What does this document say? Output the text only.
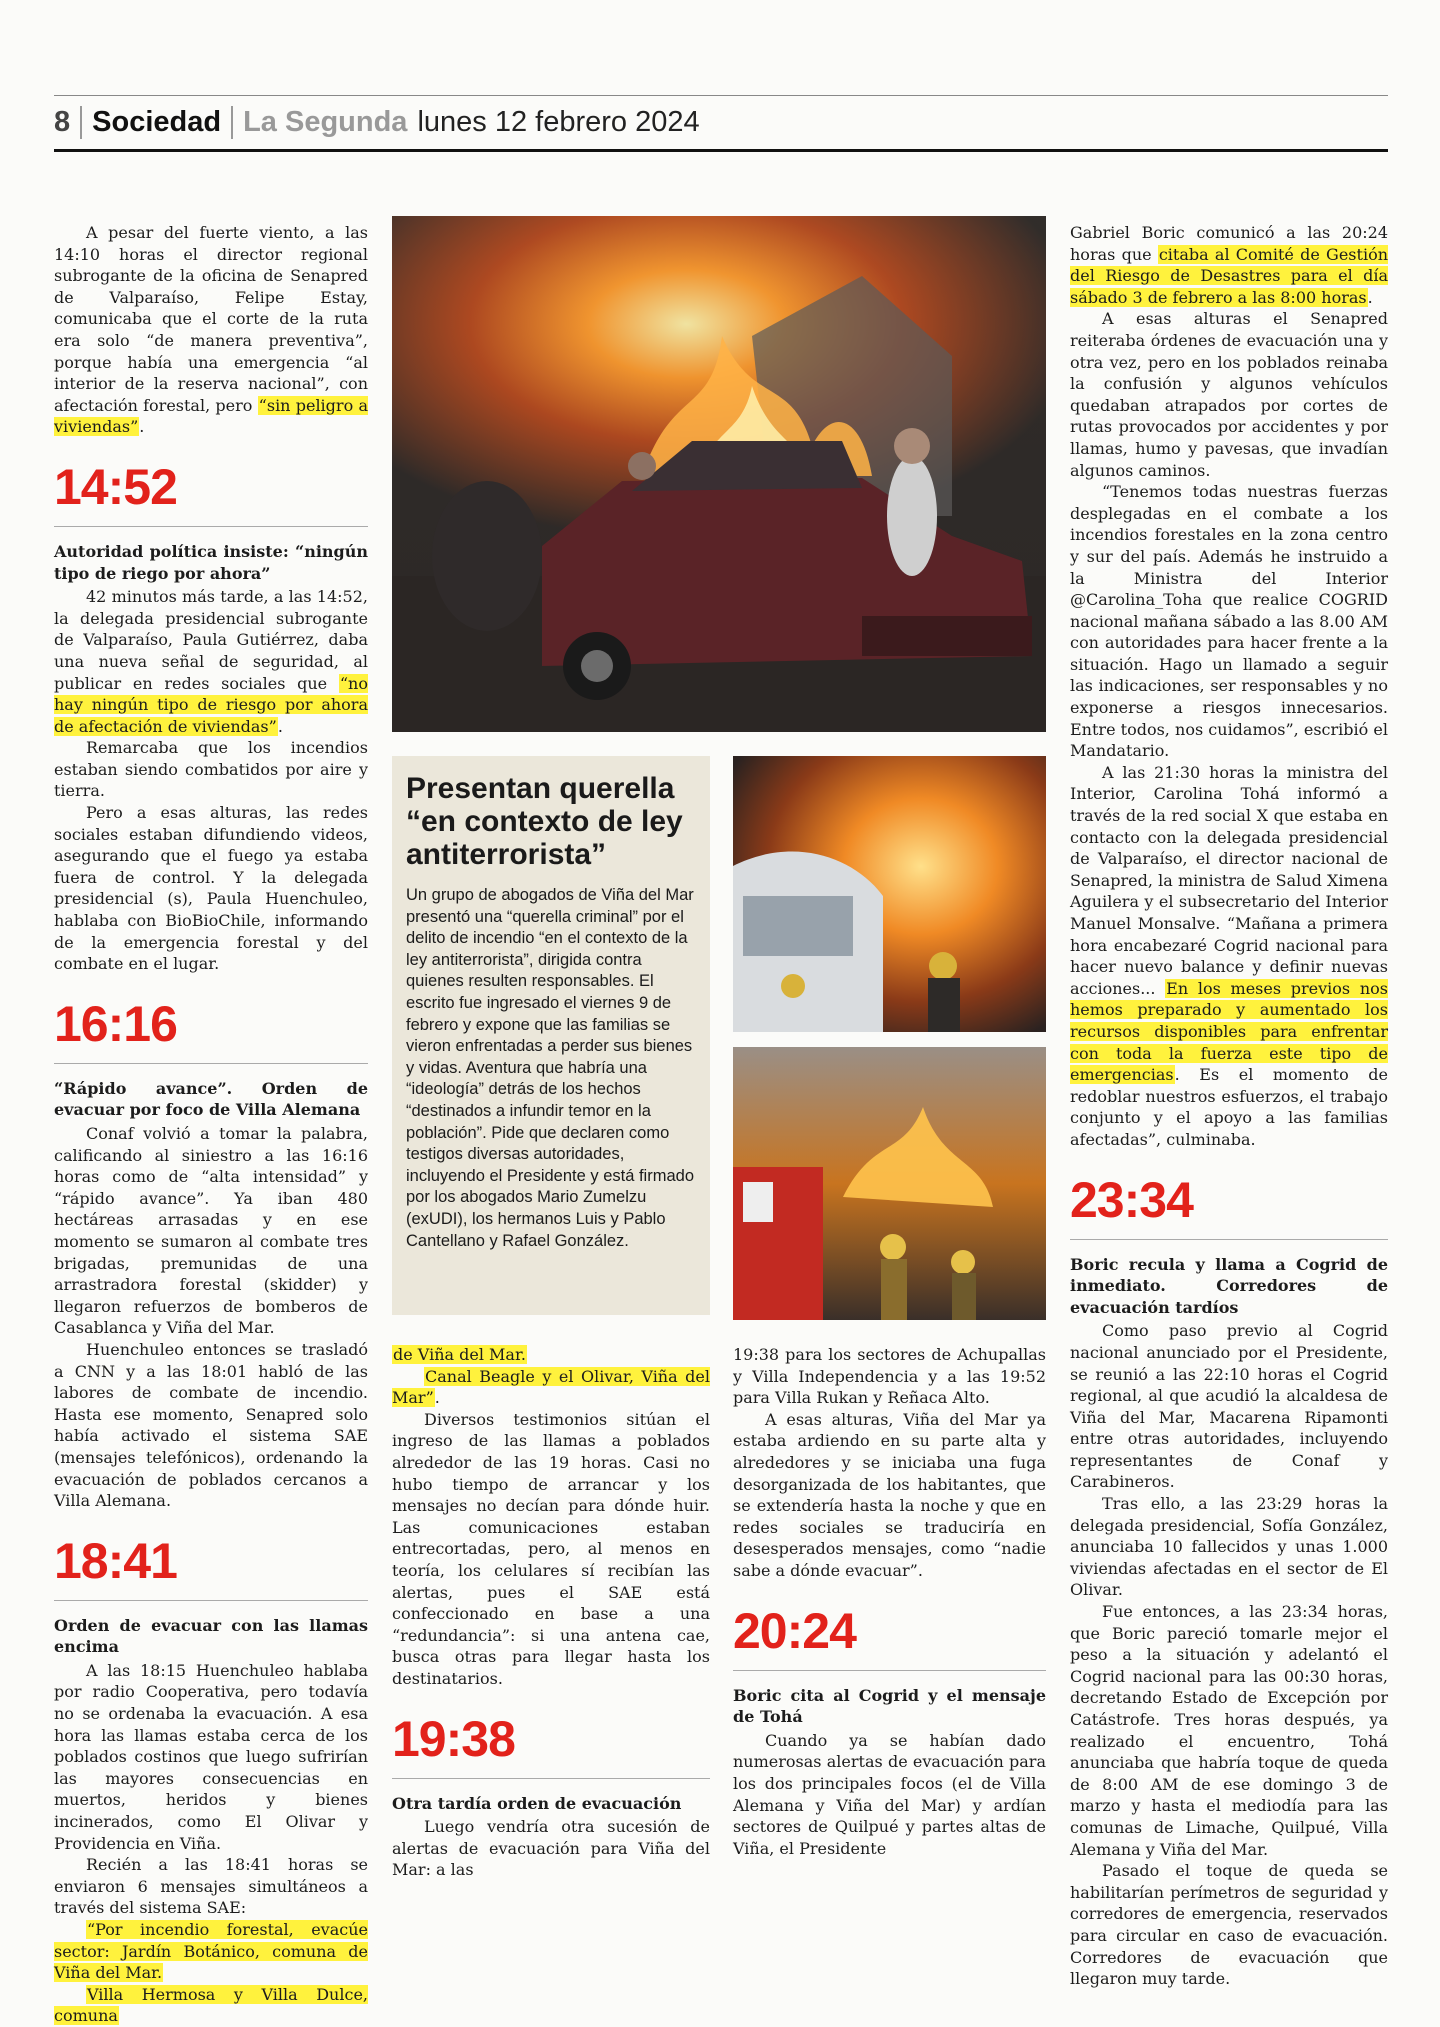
8 Sociedad La Segunda lunes 12 febrero 2024

A pesar del fuerte viento, a las 14:10 horas el director regional subrogante de la oficina de Senapred de Valparaíso, Felipe Estay, comunicaba que el corte de la ruta era solo “de manera preventiva”, porque había una emergencia “al interior de la reserva nacional”, con afectación forestal, pero “sin peligro a viviendas”.

14:52

Autoridad política insiste: “ningún tipo de riego por ahora”

42 minutos más tarde, a las 14:52, la delegada presidencial subrogante de Valparaíso, Paula Gutiérrez, daba una nueva señal de seguridad, al publicar en redes sociales que “no hay ningún tipo de riesgo por ahora de afectación de viviendas”.

Remarcaba que los incendios estaban siendo combatidos por aire y tierra.

Pero a esas alturas, las redes sociales estaban difundiendo videos, asegurando que el fuego ya estaba fuera de control. Y la delegada presidencial (s), Paula Huenchuleo, hablaba con BioBioChile, informando de la emergencia forestal y del combate en el lugar.

16:16

“Rápido avance”. Orden de evacuar por foco de Villa Alemana

Conaf volvió a tomar la palabra, calificando al siniestro a las 16:16 horas como de “alta intensidad” y “rápido avance”. Ya iban 480 hectáreas arrasadas y en ese momento se sumaron al combate tres brigadas, premunidas de una arrastradora forestal (skidder) y llegaron refuerzos de bomberos de Casablanca y Viña del Mar.

Huenchuleo entonces se trasladó a CNN y a las 18:01 habló de las labores de combate de incendio. Hasta ese momento, Senapred solo había activado el sistema SAE (mensajes telefónicos), ordenando la evacuación de poblados cercanos a Villa Alemana.

18:41

Orden de evacuar con las llamas encima

A las 18:15 Huenchuleo hablaba por radio Cooperativa, pero todavía no se ordenaba la evacuación. A esa hora las llamas estaba cerca de los poblados costinos que luego sufrirían las mayores consecuencias en muertos, heridos y bienes incinerados, como El Olivar y Providencia en Viña.

Recién a las 18:41 horas se enviaron 6 mensajes simultáneos a través del sistema SAE:

“Por incendio forestal, evacúe sector: Jardín Botánico, comuna de Viña del Mar.

Villa Hermosa y Villa Dulce, comuna

Presentan querella “en contexto de ley antiterrorista”

Un grupo de abogados de Viña del Mar presentó una “querella criminal” por el delito de incendio “en el contexto de la ley antiterrorista”, dirigida contra quienes resulten responsables. El escrito fue ingresado el viernes 9 de febrero y expone que las familias se vieron enfrentadas a perder sus bienes y vidas. Aventura que habría una “ideología” detrás de los hechos “destinados a infundir temor en la población”. Pide que declaren como testigos diversas autoridades, incluyendo el Presidente y está firmado por los abogados Mario Zumelzu (exUDI), los hermanos Luis y Pablo Cantellano y Rafael González.

de Viña del Mar.

Canal Beagle y el Olivar, Viña del Mar”.

Diversos testimonios sitúan el ingreso de las llamas a poblados alrededor de las 19 horas. Casi no hubo tiempo de arrancar y los mensajes no decían para dónde huir. Las comunicaciones estaban entrecortadas, pero, al menos en teoría, los celulares sí recibían las alertas, pues el SAE está confeccionado en base a una “redundancia”: si una antena cae, busca otras para llegar hasta los destinatarios.

19:38

Otra tardía orden de evacuación

Luego vendría otra sucesión de alertas de evacuación para Viña del Mar: a las

19:38 para los sectores de Achupallas y Villa Independencia y a las 19:52 para Villa Rukan y Reñaca Alto.

A esas alturas, Viña del Mar ya estaba ardiendo en su parte alta y alrededores y se iniciaba una fuga desorganizada de los habitantes, que se extendería hasta la noche y que en redes sociales se traduciría en desesperados mensajes, como “nadie sabe a dónde evacuar”.

20:24

Boric cita al Cogrid y el mensaje de Tohá

Cuando ya se habían dado numerosas alertas de evacuación para los dos principales focos (el de Villa Alemana y Viña del Mar) y ardían sectores de Quilpué y partes altas de Viña, el Presidente

Gabriel Boric comunicó a las 20:24 horas que citaba al Comité de Gestión del Riesgo de Desastres para el día sábado 3 de febrero a las 8:00 horas.

A esas alturas el Senapred reiteraba órdenes de evacuación una y otra vez, pero en los poblados reinaba la confusión y algunos vehículos quedaban atrapados por cortes de rutas provocados por accidentes y por llamas, humo y pavesas, que invadían algunos caminos.

“Tenemos todas nuestras fuerzas desplegadas en el combate a los incendios forestales en la zona centro y sur del país. Además he instruido a la Ministra del Interior @Carolina_Toha que realice COGRID nacional mañana sábado a las 8.00 AM con autoridades para hacer frente a la situación. Hago un llamado a seguir las indicaciones, ser responsables y no exponerse a riesgos innecesarios. Entre todos, nos cuidamos”, escribió el Mandatario.

A las 21:30 horas la ministra del Interior, Carolina Tohá informó a través de la red social X que estaba en contacto con la delegada presidencial de Valparaíso, el director nacional de Senapred, la ministra de Salud Ximena Aguilera y el subsecretario del Interior Manuel Monsalve. “Mañana a primera hora encabezaré Cogrid nacional para hacer nuevo balance y definir nuevas acciones... En los meses previos nos hemos preparado y aumentado los recursos disponibles para enfrentar con toda la fuerza este tipo de emergencias. Es el momento de redoblar nuestros esfuerzos, el trabajo conjunto y el apoyo a las familias afectadas”, culminaba.

23:34

Boric recula y llama a Cogrid de inmediato. Corredores de evacuación tardíos

Como paso previo al Cogrid nacional anunciado por el Presidente, se reunió a las 22:10 horas el Cogrid regional, al que acudió la alcaldesa de Viña del Mar, Macarena Ripamonti entre otras autoridades, incluyendo representantes de Conaf y Carabineros.

Tras ello, a las 23:29 horas la delegada presidencial, Sofía González, anunciaba 10 fallecidos y unas 1.000 viviendas afectadas en el sector de El Olivar.

Fue entonces, a las 23:34 horas, que Boric pareció tomarle mejor el peso a la situación y adelantó el Cogrid nacional para las 00:30 horas, decretando Estado de Excepción por Catástrofe. Tres horas después, ya realizado el encuentro, Tohá anunciaba que habría toque de queda de 8:00 AM de ese domingo 3 de marzo y hasta el mediodía para las comunas de Limache, Quilpué, Villa Alemana y Viña del Mar.

Pasado el toque de queda se habilitarían perímetros de seguridad y corredores de emergencia, reservados para circular en caso de evacuación. Corredores de evacuación que llegaron muy tarde.
